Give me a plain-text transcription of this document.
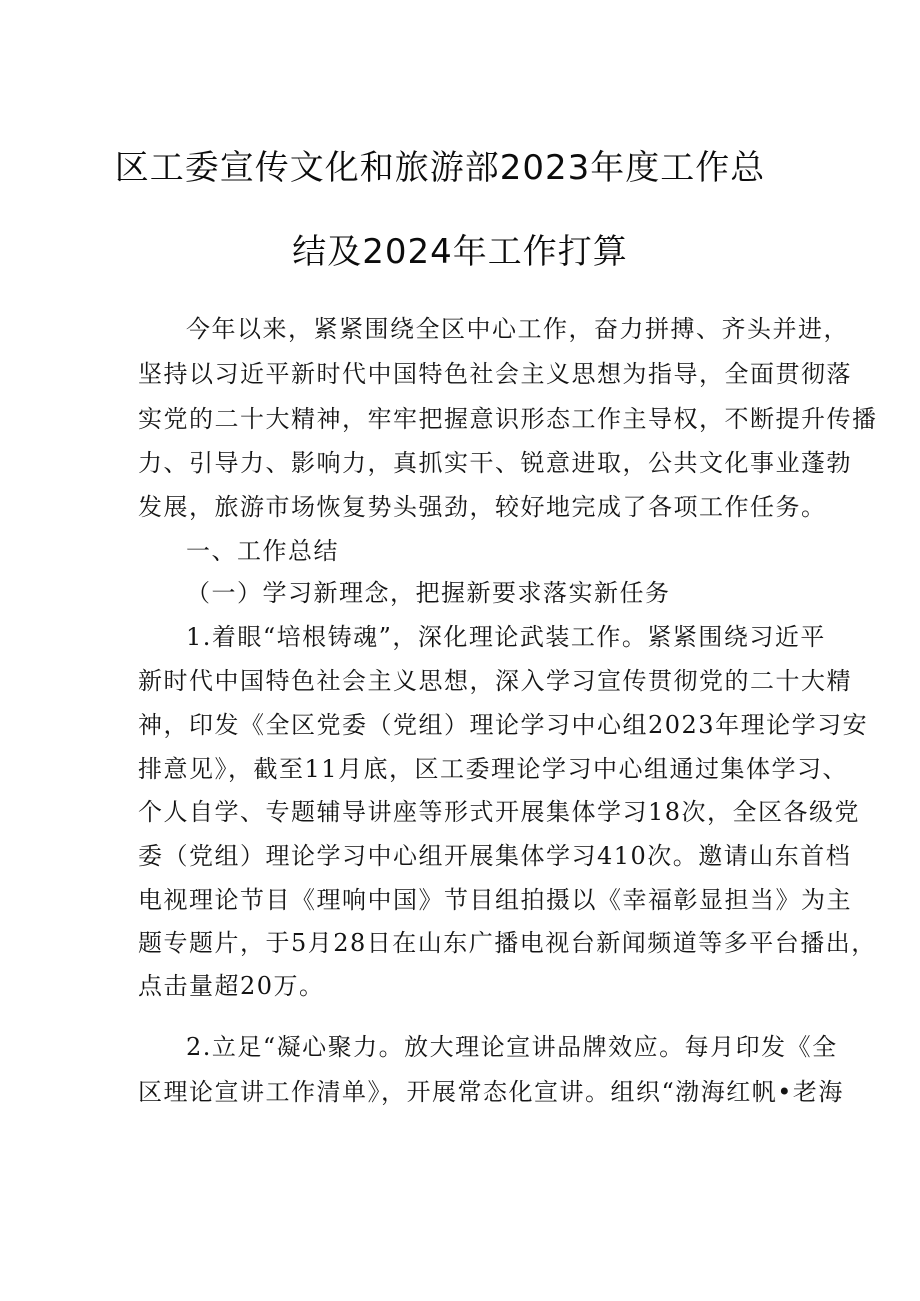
区工委宣传文化和旅游部2023年度工作总
结及2024年工作打算
今年以来，紧紧围绕全区中心工作，奋力拼搏、齐头并进，
坚持以习近平新时代中国特色社会主义思想为指导，全面贯彻落
实党的二十大精神，牢牢把握意识形态工作主导权，不断提升传播
力、引导力、影响力，真抓实干、锐意进取，公共文化事业蓬勃
发展，旅游市场恢复势头强劲，较好地完成了各项工作任务。
一、工作总结
（一）学习新理念，把握新要求落实新任务
1.着眼“培根铸魂”，深化理论武装工作。紧紧围绕习近平
新时代中国特色社会主义思想，深入学习宣传贯彻党的二十大精
神，印发《全区党委（党组）理论学习中心组2023年理论学习安
排意见》，截至11月底，区工委理论学习中心组通过集体学习、
个人自学、专题辅导讲座等形式开展集体学习18次，全区各级党
委（党组）理论学习中心组开展集体学习410次。邀请山东首档
电视理论节目《理响中国》节目组拍摄以《幸福彰显担当》为主
题专题片，于5月28日在山东广播电视台新闻频道等多平台播出，
点击量超20万。
2.立足“凝心聚力。放大理论宣讲品牌效应。每月印发《全
区理论宣讲工作清单》，开展常态化宣讲。组织“渤海红帆•老海
